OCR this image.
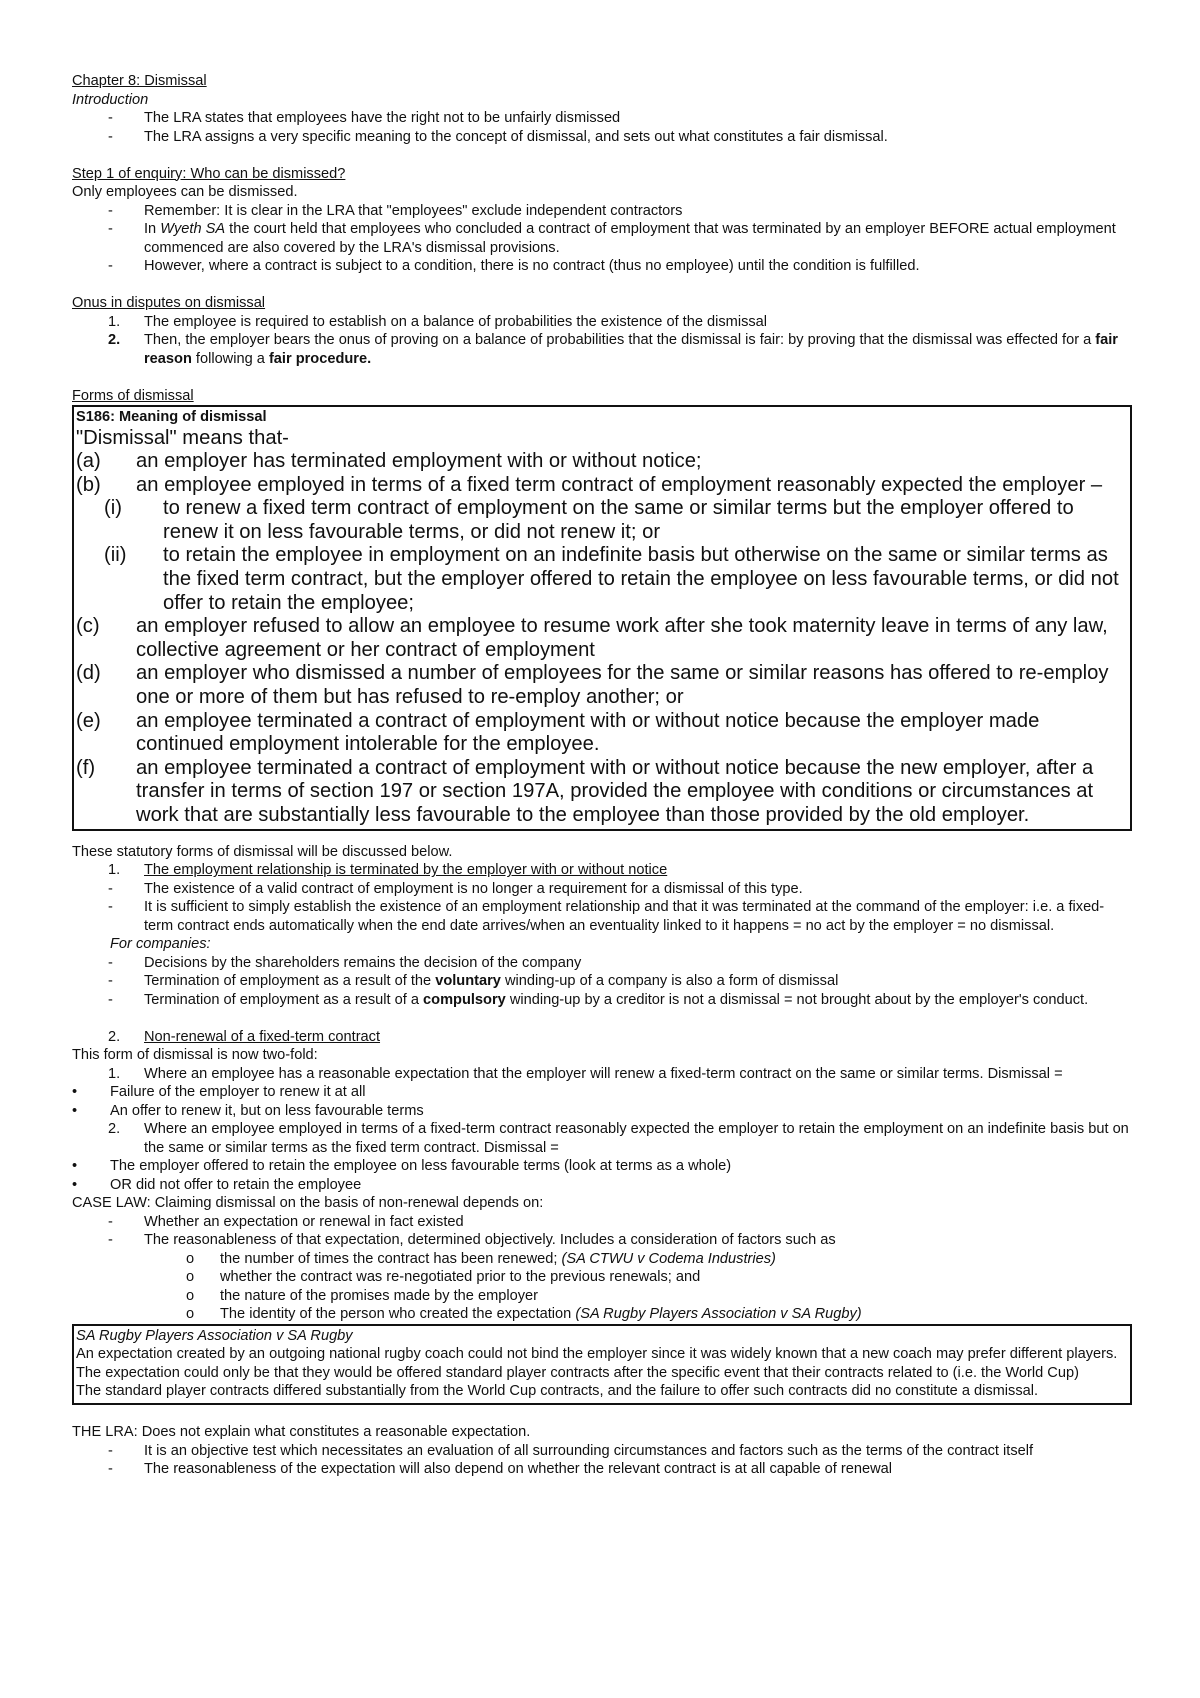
Chapter 8: Dismissal
Introduction
- The LRA states that employees have the right not to be unfairly dismissed
- The LRA assigns a very specific meaning to the concept of dismissal, and sets out what constitutes a fair dismissal.
Step 1 of enquiry: Who can be dismissed?
Only employees can be dismissed.
- Remember: It is clear in the LRA that "employees" exclude independent contractors
- In Wyeth SA the court held that employees who concluded a contract of employment that was terminated by an employer BEFORE actual employment commenced are also covered by the LRA's dismissal provisions.
- However, where a contract is subject to a condition, there is no contract (thus no employee) until the condition is fulfilled.
Onus in disputes on dismissal
1. The employee is required to establish on a balance of probabilities the existence of the dismissal
2. Then, the employer bears the onus of proving on a balance of probabilities that the dismissal is fair: by proving that the dismissal was effected for a fair reason following a fair procedure.
Forms of dismissal
S186: Meaning of dismissal
"Dismissal" means that-
(a) an employer has terminated employment with or without notice;
(b) an employee employed in terms of a fixed term contract of employment reasonably expected the employer –
(i) to renew a fixed term contract of employment on the same or similar terms but the employer offered to renew it on less favourable terms, or did not renew it; or
(ii) to retain the employee in employment on an indefinite basis but otherwise on the same or similar terms as the fixed term contract, but the employer offered to retain the employee on less favourable terms, or did not offer to retain the employee;
(c) an employer refused to allow an employee to resume work after she took maternity leave in terms of any law, collective agreement or her contract of employment
(d) an employer who dismissed a number of employees for the same or similar reasons has offered to re-employ one or more of them but has refused to re-employ another; or
(e) an employee terminated a contract of employment with or without notice because the employer made continued employment intolerable for the employee.
(f) an employee terminated a contract of employment with or without notice because the new employer, after a transfer in terms of section 197 or section 197A, provided the employee with conditions or circumstances at work that are substantially less favourable to the employee than those provided by the old employer.
These statutory forms of dismissal will be discussed below.
1. The employment relationship is terminated by the employer with or without notice
- The existence of a valid contract of employment is no longer a requirement for a dismissal of this type.
- It is sufficient to simply establish the existence of an employment relationship and that it was terminated at the command of the employer: i.e. a fixed-term contract ends automatically when the end date arrives/when an eventuality linked to it happens = no act by the employer = no dismissal.
For companies:
- Decisions by the shareholders remains the decision of the company
- Termination of employment as a result of the voluntary winding-up of a company is also a form of dismissal
- Termination of employment as a result of a compulsory winding-up by a creditor is not a dismissal = not brought about by the employer's conduct.
2. Non-renewal of a fixed-term contract
This form of dismissal is now two-fold:
1. Where an employee has a reasonable expectation that the employer will renew a fixed-term contract on the same or similar terms. Dismissal =
• Failure of the employer to renew it at all
• An offer to renew it, but on less favourable terms
2. Where an employee employed in terms of a fixed-term contract reasonably expected the employer to retain the employment on an indefinite basis but on the same or similar terms as the fixed term contract. Dismissal =
• The employer offered to retain the employee on less favourable terms (look at terms as a whole)
• OR did not offer to retain the employee
CASE LAW: Claiming dismissal on the basis of non-renewal depends on:
- Whether an expectation or renewal in fact existed
- The reasonableness of that expectation, determined objectively. Includes a consideration of factors such as
o the number of times the contract has been renewed; (SA CTWU v Codema Industries)
o whether the contract was re-negotiated prior to the previous renewals; and
o the nature of the promises made by the employer
o The identity of the person who created the expectation (SA Rugby Players Association v SA Rugby)
SA Rugby Players Association v SA Rugby
An expectation created by an outgoing national rugby coach could not bind the employer since it was widely known that a new coach may prefer different players.
The expectation could only be that they would be offered standard player contracts after the specific event that their contracts related to (i.e. the World Cup)
The standard player contracts differed substantially from the World Cup contracts, and the failure to offer such contracts did no constitute a dismissal.
THE LRA: Does not explain what constitutes a reasonable expectation.
- It is an objective test which necessitates an evaluation of all surrounding circumstances and factors such as the terms of the contract itself
- The reasonableness of the expectation will also depend on whether the relevant contract is at all capable of renewal
